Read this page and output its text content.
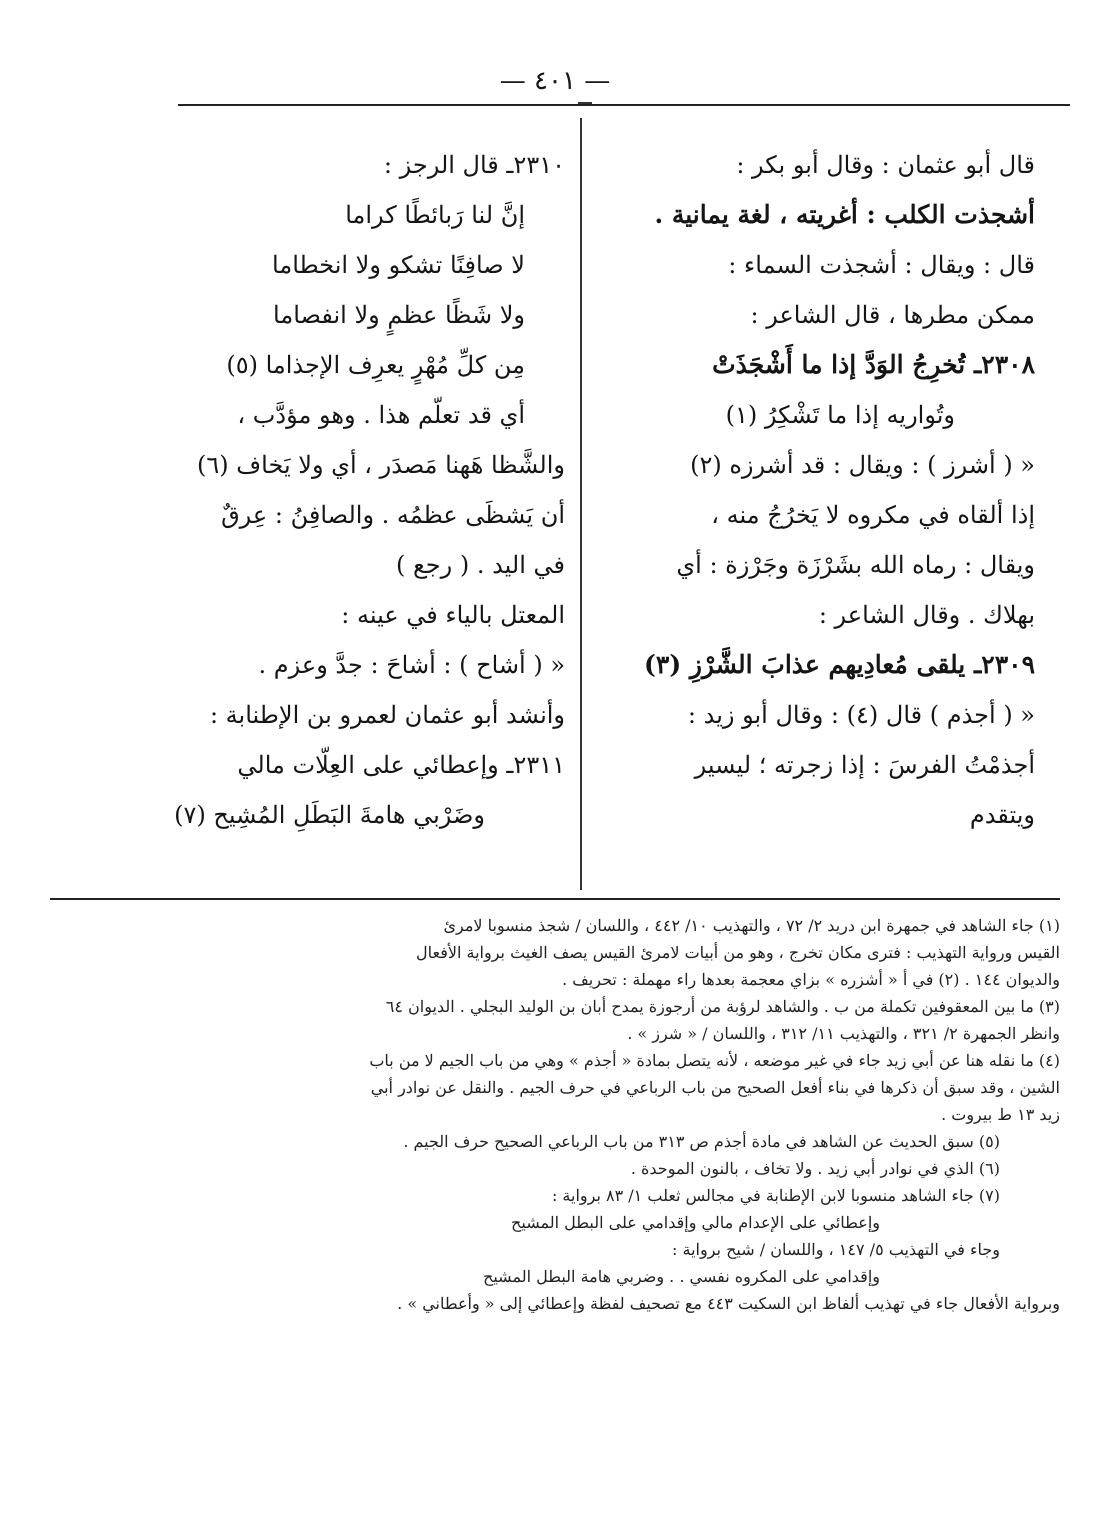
— ٤٠١ —
قال أبو عثمان : وقال أبو بكر :
أشجذت الكلب : أغريته ، لغة يمانية .
قال : ويقال : أشجذت السماء :
ممكن مطرها ، قال الشاعر :
٢٣٠٨ـ تُخرِجُ الوَدَّ إذا ما أَشْجَذَتْ
وتُواريه إذا ما تَشْكِرُ (١)
« ( أشرز ) : ويقال : قد أشرزه (٢)
إذا ألقاه في مكروه لا يَخرُجُ منه ،
ويقال : رماه الله بشَرْزَة وجَرْزة : أي
بهلاك . وقال الشاعر :
٢٣٠٩ـ يلقى مُعادِيهم عذابَ الشَّرْزِ (٣)
« ( أجذم ) قال (٤) : وقال أبو زيد :
أجذمْتُ الفرسَ : إذا زجرته ؛ ليسير
ويتقدم
٢٣١٠ـ قال الرجز :
إنَّ لنا رَبائطًا كراما
لا صافِنًا تشكو ولا انخطاما
ولا شَظًا عظمٍ ولا انفصاما
مِن كلِّ مُهْرٍ يعرِف الإجذاما (٥)
أي قد تعلّم هذا . وهو مؤدَّب ،
والشَّظا هَهنا مَصدَر ، أي ولا يَخاف (٦)
أن يَشظَى عظمُه . والصافِنُ : عِرقٌ
في اليد . ( رجع )
المعتل بالياء في عينه :
« ( أشاح ) : أشاحَ : جدَّ وعزم .
وأنشد أبو عثمان لعمرو بن الإطنابة :
٢٣١١ـ وإعطائي على العِلّات مالي
وضَرْبي هامةَ البَطَلِ المُشِيح (٧)
(١) جاء الشاهد في جمهرة ابن دريد ٢/ ٧٢ ، والتهذيب ١٠/ ٤٤٢ ، واللسان / شجذ منسوبا لامرئ
القيس ورواية التهذيب : فترى مكان تخرج ، وهو من أبيات لامرئ القيس يصف الغيث برواية الأفعال
والديوان ١٤٤ . (٢) في أ « أشزره » بزاي معجمة بعدها راء مهملة : تحريف .
(٣) ما بين المعقوفين تكملة من ب . والشاهد لرؤبة من أرجوزة يمدح أبان بن الوليد البجلي . الديوان ٦٤
وانظر الجمهرة ٢/ ٣٢١ ، والتهذيب ١١/ ٣١٢ ، واللسان / « شرز » .
(٤) ما نقله هنا عن أبي زيد جاء في غير موضعه ، لأنه يتصل بمادة « أجذم » وهي من باب الجيم لا من باب
الشين ، وقد سبق أن ذكرها في بناء أفعل الصحيح من باب الرباعي في حرف الجيم . والنقل عن نوادر أبي
زيد ١٣ ط بيروت .
(٥) سبق الحديث عن الشاهد في مادة أجذم ص ٣١٣ من باب الرباعي الصحيح حرف الجيم .
(٦) الذي في نوادر أبي زيد . ولا تخاف ، بالنون الموحدة .
(٧) جاء الشاهد منسوبا لابن الإطنابة في مجالس ثعلب ١/ ٨٣ برواية :
وإعطائي على الإعدام مالي وإقدامي على البطل المشيح
وجاء في التهذيب ٥/ ١٤٧ ، واللسان / شيح برواية :
وإقدامي على المكروه نفسي . . وضربي هامة البطل المشيح
وبرواية الأفعال جاء في تهذيب ألفاظ ابن السكيت ٤٤٣ مع تصحيف لفظة وإعطائي إلى « وأعطاني » .
